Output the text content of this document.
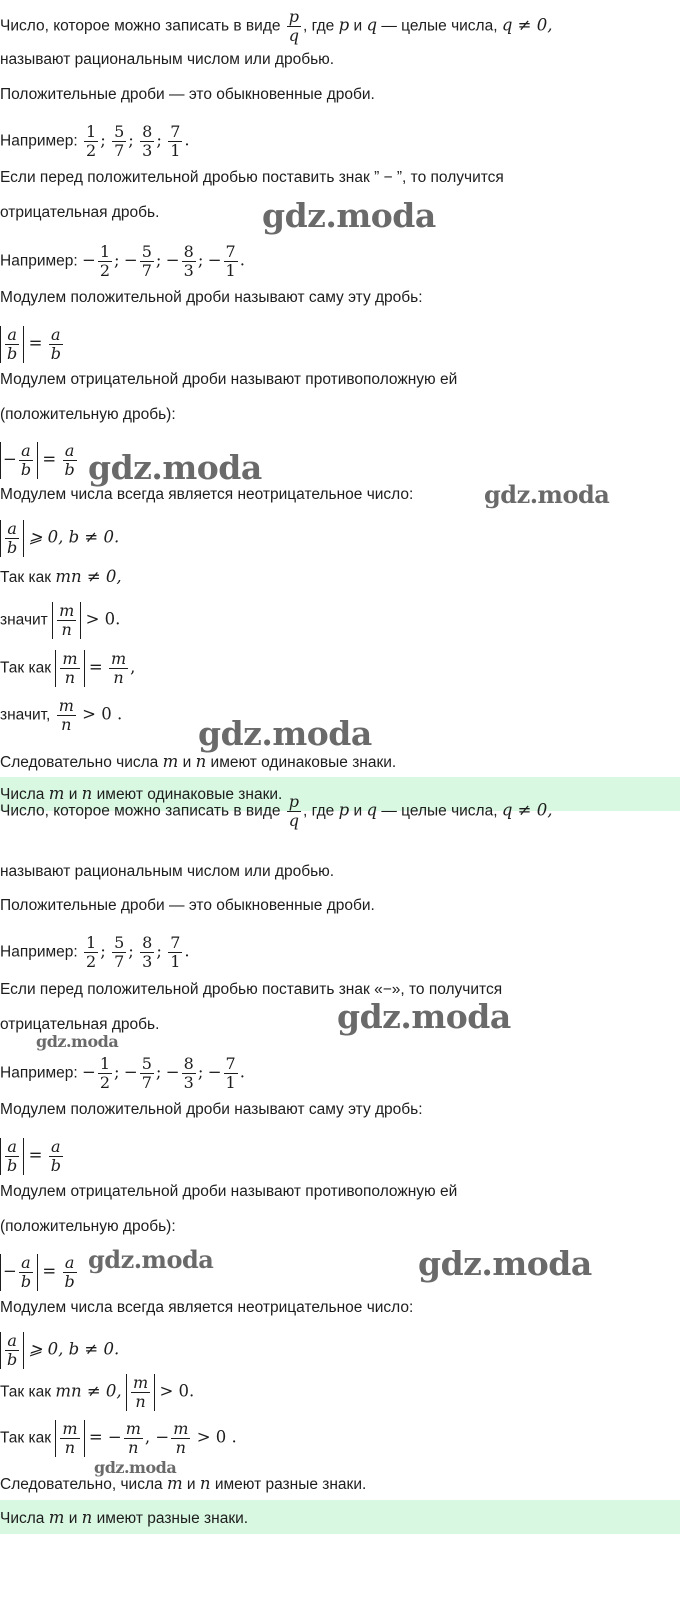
Число, которое можно записать в виде $\frac{p}{q}$ , где p и q — целые числа, q ≠ 0,
называют рациональным числом или дробью.
Положительные дроби — это обыкновенные дроби.
Например: $\frac{1}{2}$ ; $\frac{5}{7}$ ; $\frac{8}{3}$ ; $\frac{7}{1}$ .
Если перед положительной дробью поставить знак ” − ”, то получится
отрицательная дробь.
Например: − $\frac{1}{2}$ ; − $\frac{5}{7}$ ; − $\frac{8}{3}$ ; − $\frac{7}{1}$ .
Модулем положительной дроби называют саму эту дробь:
$\frac{a}{b} = \frac{a}{b}$
Модулем отрицательной дроби называют противоположную ей
(положительную дробь):
− $\frac{a}{b} = \frac{a}{b}$
Модулем числа всегда является неотрицательное число:
$\frac{a}{b}$ ⩾ 0, b ≠ 0.
Так как mn ≠ 0,
значит $\frac{m}{n} > 0$.
Так как $\frac{m}{n} = \frac{m}{n}$ ,
значит, $\frac{m}{n} > 0$ .
Следовательно числа m и n имеют одинаковые знаки.
Числа m и n имеют одинаковые знаки.
Число, которое можно записать в виде $\frac{p}{q}$ , где p и q — целые числа, q ≠ 0,
называют рациональным числом или дробью.
Положительные дроби — это обыкновенные дроби.
Например: $\frac{1}{2}$ ; $\frac{5}{7}$ ; $\frac{8}{3}$ ; $\frac{7}{1}$ .
Если перед положительной дробью поставить знак «−», то получится
отрицательная дробь.
Например: − $\frac{1}{2}$ ; − $\frac{5}{7}$ ; − $\frac{8}{3}$ ; − $\frac{7}{1}$ .
Модулем положительной дроби называют саму эту дробь:
$\frac{a}{b} = \frac{a}{b}$
Модулем отрицательной дроби называют противоположную ей
(положительную дробь):
− $\frac{a}{b} = \frac{a}{b}$
Модулем числа всегда является неотрицательное число:
$\frac{a}{b}$ ⩾ 0, b ≠ 0.
Так как mn ≠ 0, $\frac{m}{n} > 0$.
Так как $\frac{m}{n}$ = − $\frac{m}{n}$ , − $\frac{m}{n} > 0$ .
Следовательно, числа m и n имеют разные знаки.
Числа m и n имеют разные знаки.
gdz.moda
gdz.moda
gdz.moda
gdz.moda
gdz.moda
gdz.moda
gdz.moda	gdz.moda
gdz.moda
